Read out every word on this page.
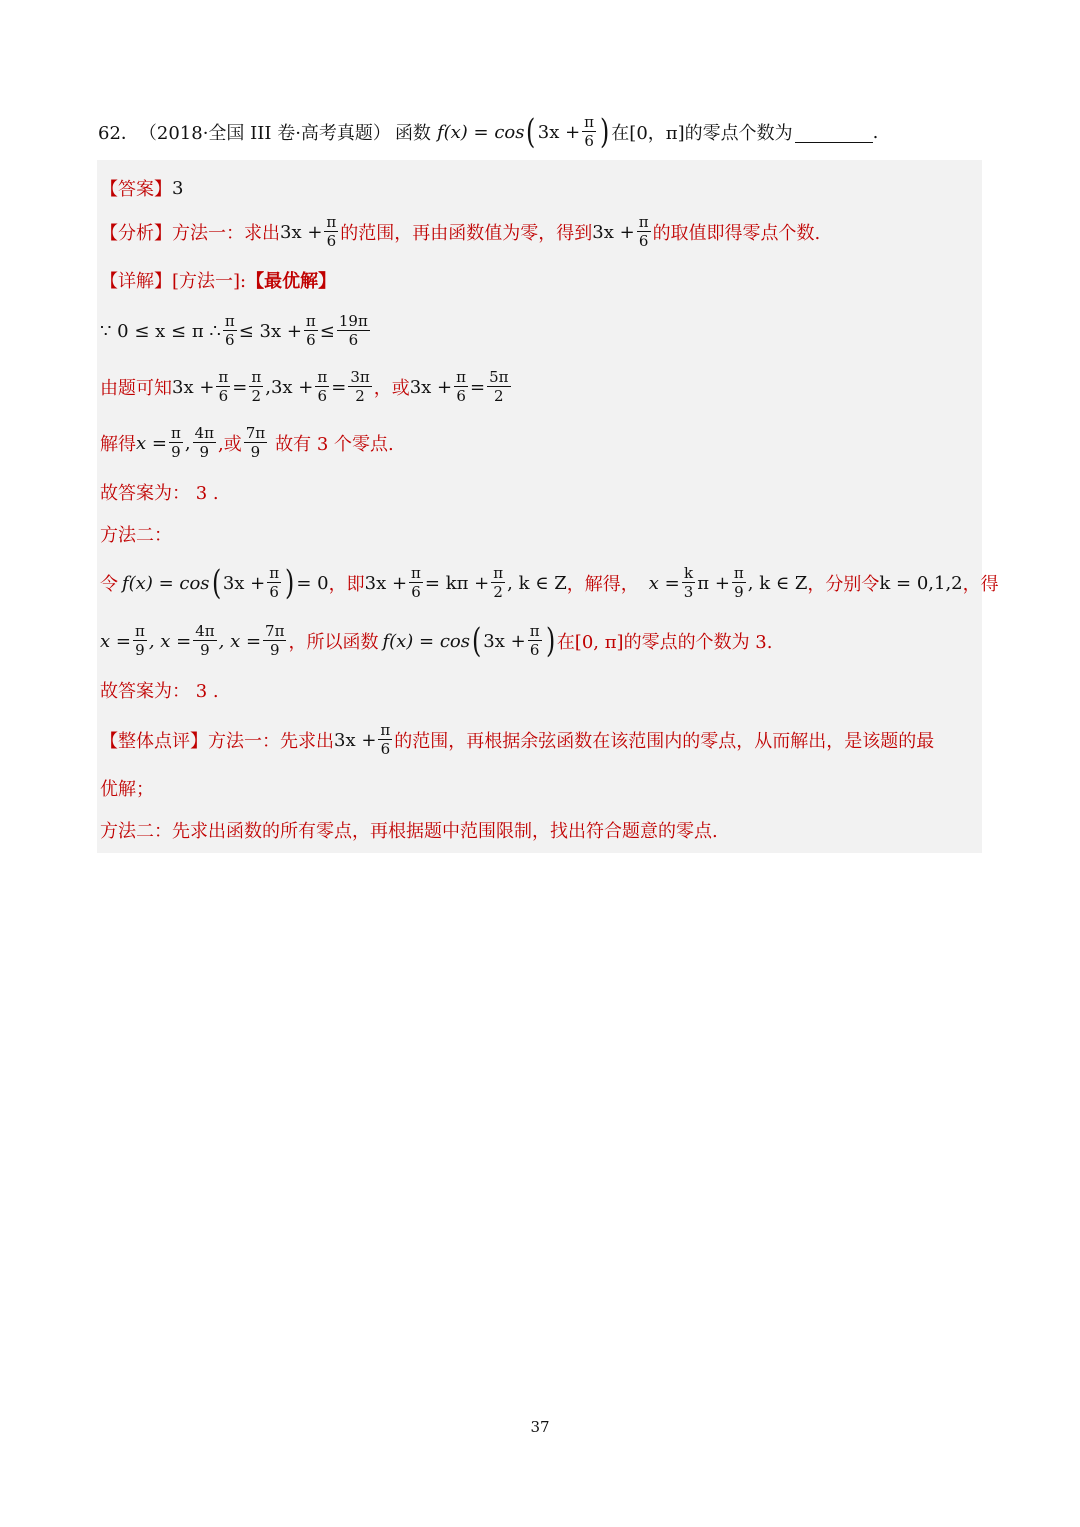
62． （2018·全国 III 卷·高考真题） 函数 f(x) = cos ( $3x + \frac{\pi}{6}$ ) 在[0，π]的零点个数为	.
【答案】 3
【分析】 方法一：求出 $3x + \frac{\pi}{6}$ 的范围，再由函数值为零，得到 $3x + \frac{\pi}{6}$ 的取值即得零点个数.
【详解】 [方法一]: 【最优解】
∵ 0 ≤ x ≤ π ∴ $\frac{\pi}{6} \le 3x + \frac{\pi}{6} \le \frac{19\pi}{6}$
由题可知 $3x + \frac{\pi}{6} = \frac{\pi}{2} ,3x + \frac{\pi}{6} = \frac{3\pi}{2}$ ，或 $3x + \frac{\pi}{6} = \frac{5\pi}{2}$
解得 $x = \frac{\pi}{9}$ , $\frac{4\pi}{9}$ ,或 $\frac{7\pi}{9}$ 故有 3 个零点.
故答案为： 3 .
方法二：
令 f(x) = cos ( $3x + \frac{\pi}{6}$ ) = 0 ，即 $3x + \frac{\pi}{6} = k\pi + \frac{\pi}{2}$ , k ∈ Z ，解得， $x = \frac{k}{3}$ $\pi + \frac{\pi}{9}$ , k ∈ Z ，分别令 k = 0,1,2 ，得
$x = \frac{\pi}{9}$ , $x = \frac{4\pi}{9}$ , $x = \frac{7\pi}{9}$ ，所以函数 f(x) = cos ( $3x + \frac{\pi}{6}$ ) 在[0, π]的零点的个数为 3.
故答案为： 3 .
【整体点评】 方法一：先求出 $3x + \frac{\pi}{6}$ 的范围，再根据余弦函数在该范围内的零点，从而解出，是该题的最
优解；
方法二：先求出函数的所有零点，再根据题中范围限制，找出符合题意的零点.
37
